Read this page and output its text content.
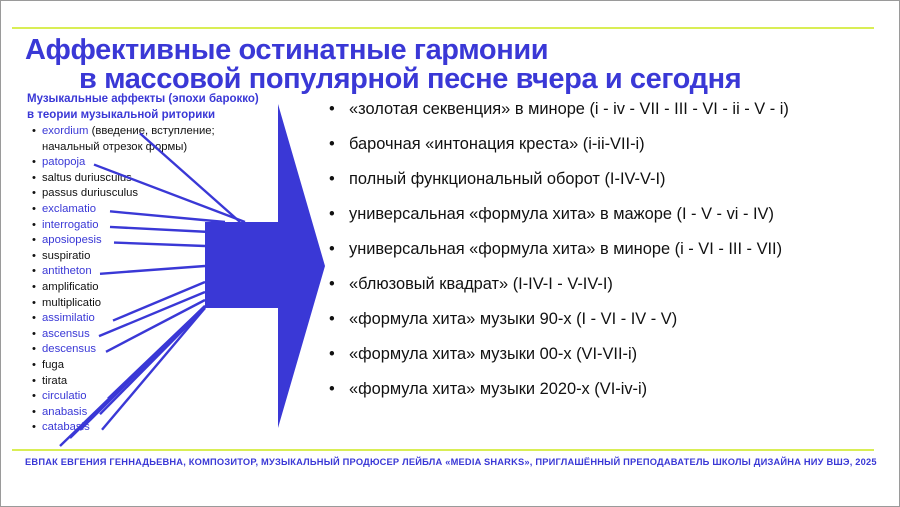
Аффективные остинатные гармонии
в массовой популярной песне вчера и сегодня
Музыкальные аффекты (эпохи барокко)
в теории музыкальной риторики
• exordium (введение, вступление;
начальный отрезок формы)
• patopoja
• saltus duriusculus
• passus duriusculus
• exclamatio
• interrogatio
• aposiopesis
• suspiratio
• antitheton
• amplificatio
• multiplicatio
• assimilatio
• ascensus
• descensus
• fuga
• tirata
• circulatio
• anabasis
• catabasis
• «золотая секвенция» в миноре (i - iv - VII - III - VI - ii - V - i)
• барочная «интонация креста» (i-ii-VII-i)
• полный функциональный оборот (I-IV-V-I)
• универсальная «формула хита» в мажоре (I - V - vi - IV)
• универсальная «формула хита» в миноре (i - VI - III - VII)
• «блюзовый квадрат» (I-IV-I - V-IV-I)
• «формула хита» музыки 90-х (I - VI - IV - V)
• «формула хита» музыки 00-х (VI-VII-i)
• «формула хита» музыки 2020-х (VI-iv-i)
ЕВПАК ЕВГЕНИЯ ГЕННАДЬЕВНА, КОМПОЗИТОР, МУЗЫКАЛЬНЫЙ ПРОДЮСЕР ЛЕЙБЛА «MEDIA SHARKS», ПРИГЛАШЁННЫЙ ПРЕПОДАВАТЕЛЬ ШКОЛЫ ДИЗАЙНА НИУ ВШЭ, 2025
